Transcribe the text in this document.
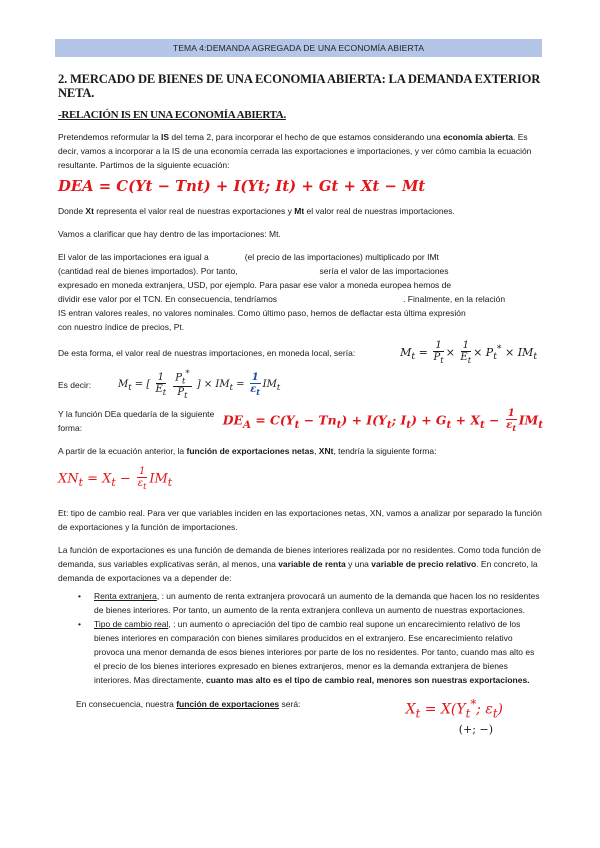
TEMA 4:DEMANDA AGREGADA DE UNA ECONOMÍA ABIERTA
2. MERCADO DE BIENES DE UNA ECONOMIA ABIERTA: LA DEMANDA EXTERIOR NETA.
-RELACIÓN IS EN UNA ECONOMÍA ABIERTA.

Pretendemos reformular la IS del tema 2, para incorporar el hecho de que estamos considerando una economía abierta. Es decir, vamos a incorporar a la IS de una economía cerrada las exportaciones e importaciones, y ver cómo cambia la ecuación resultante. Partimos de la siguiente ecuación:

DEA = C(Yt − Tnt) + I(Yt; It) + Gt + Xt − Mt

Donde Xt representa el valor real de nuestras exportaciones y Mt el valor real de nuestras importaciones.

Vamos a clarificar que hay dentro de las importaciones: Mt.

El valor de las importaciones era igual a	(el precio de las importaciones) multiplicado por IMt

(cantidad real de bienes importados). Por tanto,	sería el valor de las importaciones

expresado en moneda extranjera, USD, por ejemplo. Para pasar ese valor a moneda europea hemos de

dividir ese valor por el TCN. En consecuencia, tendríamos	. Finalmente, en la relación

IS entran valores reales, no valores nominales. Como último paso, hemos de deflactar esta última expresión

con nuestro índice de precios, Pt.

De esta forma, el valor real de nuestras importaciones, en moneda local, sería:	$M_t = \frac{1}{P_t} \times \frac{1}{E_t} \times P_t^* \times IM_t$

Es decir:	$M_t$ = [ $\frac{1}{E_t}$
$\frac{P_t^*}{P_t}$ ] × $IM_t = \frac{1}{\varepsilon_t} IM_t$

Y la función DEa quedaría de la siguiente forma:

$DE_A = C(Y_t - Tn_t) + I(Y_t$; $I_t) + G_t + X_t - \frac{1}{\varepsilon_t} IM_t$

A partir de la ecuación anterior, la función de exportaciones netas, XNt, tendría la siguiente forma:

$XN_t = X_t - \frac{1}{\varepsilon_t} IM_t$

Et: tipo de cambio real. Para ver que variables inciden en las exportaciones netas, XN, vamos a analizar por separado la función de exportaciones y la función de importaciones.

La función de exportaciones es una función de demanda de bienes interiores realizada por no residentes. Como toda función de demanda, sus variables explicativas serán, al menos, una variable de renta y una variable de precio relativo. En concreto, la demanda de exportaciones va a depender de:

• Renta extranjera, : un aumento de renta extranjera provocará un aumento de la demanda que hacen los no residentes de bienes interiores. Por tanto, un aumento de la renta extranjera conlleva un aumento de nuestras exportaciones.
• Tipo de cambio real, : un aumento o apreciación del tipo de cambio real supone un encarecimiento relativo de los bienes interiores en comparación con bienes similares producidos en el extranjero. Ese encarecimiento relativo provoca una menor demanda de esos bienes interiores por parte de los no residentes. Por tanto, cuando mas alto es el precio de los bienes interiores expresado en bienes extranjeros, menor es la demanda extranjera de bienes interiores. Mas directamente, cuanto mas alto es el tipo de cambio real, menores son nuestras exportaciones.

En consecuencia, nuestra función de exportaciones será:	$X_t = X(Y_t^*$; $\varepsilon_t$)
(+; −)
